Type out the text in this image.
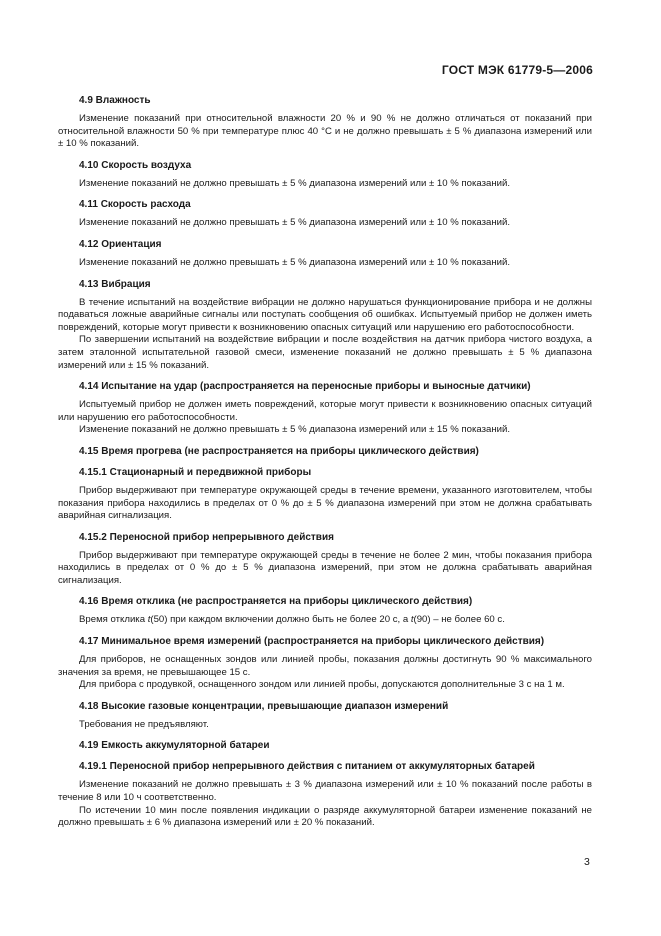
ГОСТ МЭК 61779-5—2006
4.9 Влажность

Изменение показаний при относительной влажности 20 % и 90 % не должно отличаться от показаний при относительной влажности 50 % при температуре плюс 40 °С и не должно превышать ± 5 % диапазона измерений или ± 10 % показаний.

4.10 Скорость воздуха

Изменение показаний не должно превышать ± 5 % диапазона измерений или ± 10 % показаний.

4.11 Скорость расхода

Изменение показаний не должно превышать ± 5 % диапазона измерений или ± 10 % показаний.

4.12 Ориентация

Изменение показаний не должно превышать ± 5 % диапазона измерений или ± 10 % показаний.

4.13 Вибрация

В течение испытаний на воздействие вибрации не должно нарушаться функционирование прибора и не должны подаваться ложные аварийные сигналы или поступать сообщения об ошибках. Испытуемый прибор не должен иметь повреждений, которые могут привести к возникновению опасных ситуаций или нарушению его работоспособности.

По завершении испытаний на воздействие вибрации и после воздействия на датчик прибора чистого воздуха, а затем эталонной испытательной газовой смеси, изменение показаний не должно превышать ± 5 % диапазона измерений или ± 15 % показаний.

4.14 Испытание на удар (распространяется на переносные приборы и выносные датчики)

Испытуемый прибор не должен иметь повреждений, которые могут привести к возникновению опасных ситуаций или нарушению его работоспособности.

Изменение показаний не должно превышать ± 5 % диапазона измерений или ± 15 % показаний.

4.15 Время прогрева (не распространяется на приборы циклического действия)
4.15.1 Стационарный и передвижной приборы

Прибор выдерживают при температуре окружающей среды в течение времени, указанного изготовителем, чтобы показания прибора находились в пределах от 0 % до ± 5 % диапазона измерений при этом не должна срабатывать аварийная сигнализация.

4.15.2 Переносной прибор непрерывного действия

Прибор выдерживают при температуре окружающей среды в течение не более 2 мин, чтобы показания прибора находились в пределах от 0 % до ± 5 % диапазона измерений, при этом не должна срабатывать аварийная сигнализация.

4.16 Время отклика (не распространяется на приборы циклического действия)

Время отклика t(50) при каждом включении должно быть не более 20 с, а t(90) – не более 60 с.

4.17 Минимальное время измерений (распространяется на приборы циклического действия)

Для приборов, не оснащенных зондов или линией пробы, показания должны достигнуть 90 % максимального значения за время, не превышающее 15 с.

Для прибора с продувкой, оснащенного зондом или линией пробы, допускаются дополнительные 3 с на 1 м.

4.18 Высокие газовые концентрации, превышающие диапазон измерений

Требования не предъявляют.

4.19 Емкость аккумуляторной батареи
4.19.1 Переносной прибор непрерывного действия с питанием от аккумуляторных батарей

Изменение показаний не должно превышать ± 3 % диапазона измерений или ± 10 % показаний после работы в течение 8 или 10 ч соответственно.

По истечении 10 мин после появления индикации о разряде аккумуляторной батареи изменение показаний не должно превышать ± 6 % диапазона измерений или ± 20 % показаний.

3
